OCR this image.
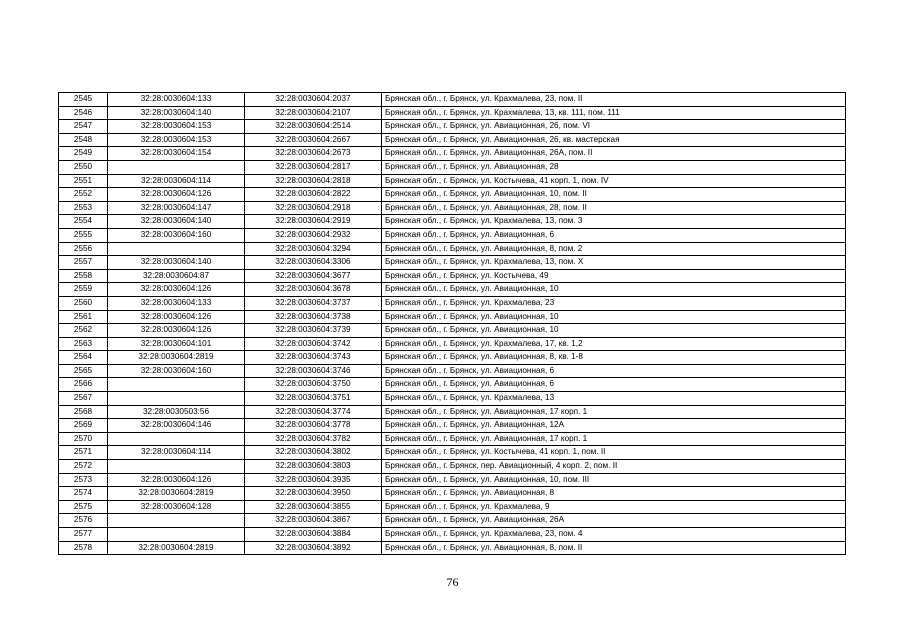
2545	32:28:0030604:133	32:28:0030604:2037	Брянская обл., г. Брянск, ул. Крахмалева, 23, пом. II
2546	32:28:0030604:140	32:28:0030604:2107	Брянская обл., г. Брянск, ул. Крахмалева, 13, кв. 111, пом. 111
2547	32:28:0030604:153	32:28:0030604:2514	Брянская обл., г. Брянск, ул. Авиационная, 26, пом. VI
2548	32:28:0030604:153	32:28:0030604:2667	Брянская обл., г. Брянск, ул. Авиационная, 26, кв. мастерская
2549	32:28:0030604:154	32:28:0030604:2673	Брянская обл., г. Брянск, ул. Авиационная, 26А, пом. II
2550		32:28:0030604:2817	Брянская обл., г. Брянск, ул. Авиационная, 28
2551	32:28:0030604:114	32:28:0030604:2818	Брянская обл., г. Брянск, ул. Костычева, 41 корп. 1, пом. IV
2552	32:28:0030604:126	32:28:0030604:2822	Брянская обл., г. Брянск, ул. Авиационная, 10, пом. II
2553	32:28:0030604:147	32:28:0030604:2918	Брянская обл., г. Брянск, ул. Авиационная, 28, пом. II
2554	32:28:0030604:140	32:28:0030604:2919	Брянская обл., г. Брянск, ул. Крахмалева, 13, пом. 3
2555	32:28:0030604:160	32:28:0030604:2932	Брянская обл., г. Брянск, ул. Авиационная, 6
2556		32:28:0030604:3294	Брянская обл., г. Брянск, ул. Авиационная, 8, пом. 2
2557	32:28:0030604:140	32:28:0030604:3306	Брянская обл., г. Брянск, ул. Крахмалева, 13, пом. X
2558	32:28:0030604:87	32:28:0030604:3677	Брянская обл., г. Брянск, ул. Костычева, 49
2559	32:28:0030604:126	32:28:0030604:3678	Брянская обл., г. Брянск, ул. Авиационная, 10
2560	32:28:0030604:133	32:28:0030604:3737	Брянская обл., г. Брянск, ул. Крахмалева, 23
2561	32:28:0030604:126	32:28:0030604:3738	Брянская обл., г. Брянск, ул. Авиационная, 10
2562	32:28:0030604:126	32:28:0030604:3739	Брянская обл., г. Брянск, ул. Авиационная, 10
2563	32:28:0030604:101	32:28:0030604:3742	Брянская обл., г. Брянск, ул. Крахмалева, 17, кв. 1,2
2564	32:28:0030604:2819	32:28:0030604:3743	Брянская обл., г. Брянск, ул. Авиационная, 8, кв. 1-8
2565	32:28:0030604:160	32:28:0030604:3746	Брянская обл., г. Брянск, ул. Авиационная, 6
2566		32:28:0030604:3750	Брянская обл., г. Брянск, ул. Авиационная, 6
2567		32:28:0030604:3751	Брянская обл., г. Брянск, ул. Крахмалева, 13
2568	32:28:0030503:56	32:28:0030604:3774	Брянская обл., г. Брянск, ул. Авиационная, 17 корп. 1
2569	32:28:0030604:146	32:28:0030604:3778	Брянская обл., г. Брянск, ул. Авиационная, 12А
2570		32:28:0030604:3782	Брянская обл., г. Брянск, ул. Авиационная, 17 корп. 1
2571	32:28:0030604:114	32:28:0030604:3802	Брянская обл., г. Брянск, ул. Костычева, 41 корп. 1, пом. II
2572		32:28:0030604:3803	Брянская обл., г. Брянск, пер. Авиационный, 4 корп. 2, пом. II
2573	32:28:0030604:126	32:28:0030604:3935	Брянская обл., г. Брянск, ул. Авиационная, 10, пом. III
2574	32:28:0030604:2819	32:28:0030604:3950	Брянская обл., г. Брянск, ул. Авиационная, 8
2575	32:28:0030604:128	32:28:0030604:3855	Брянская обл., г. Брянск, ул. Крахмалева, 9
2576		32:28:0030604:3867	Брянская обл., г. Брянск, ул. Авиационная, 26А
2577		32:28:0030604:3884	Брянская обл., г. Брянск, ул. Крахмалева, 23, пом. 4
2578	32:28:0030604:2819	32:28:0030604:3892	Брянская обл., г. Брянск, ул. Авиационная, 8, пом. II
76
